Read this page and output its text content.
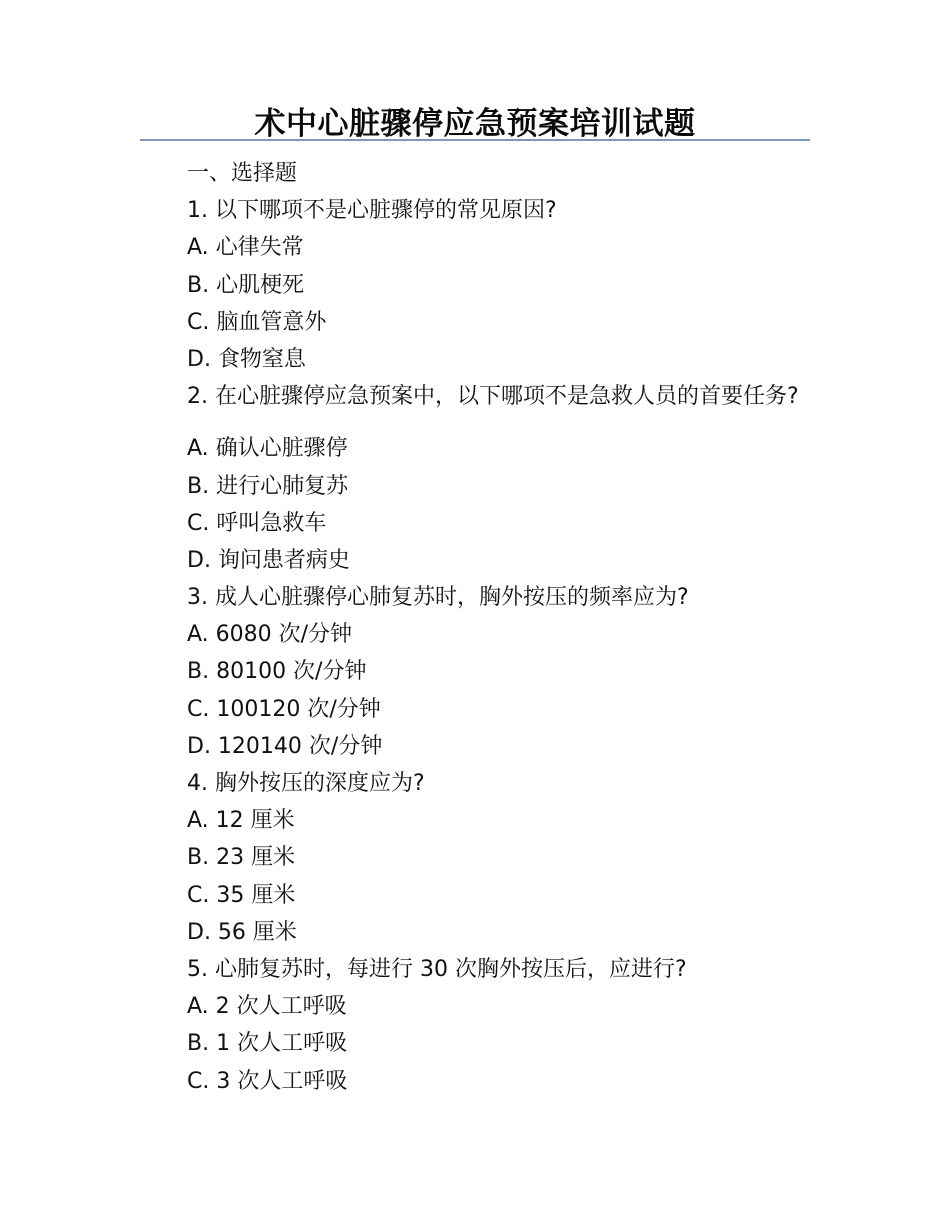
术中心脏骤停应急预案培训试题
一、选择题
1. 以下哪项不是心脏骤停的常见原因?
A. 心律失常
B. 心肌梗死
C. 脑血管意外
D. 食物窒息
2. 在心脏骤停应急预案中，以下哪项不是急救人员的首要任务?
A. 确认心脏骤停
B. 进行心肺复苏
C. 呼叫急救车
D. 询问患者病史
3. 成人心脏骤停心肺复苏时，胸外按压的频率应为?
A. 6080 次/分钟
B. 80100 次/分钟
C. 100120 次/分钟
D. 120140 次/分钟
4. 胸外按压的深度应为?
A. 12 厘米
B. 23 厘米
C. 35 厘米
D. 56 厘米
5. 心肺复苏时，每进行 30 次胸外按压后，应进行?
A. 2 次人工呼吸
B. 1 次人工呼吸
C. 3 次人工呼吸
